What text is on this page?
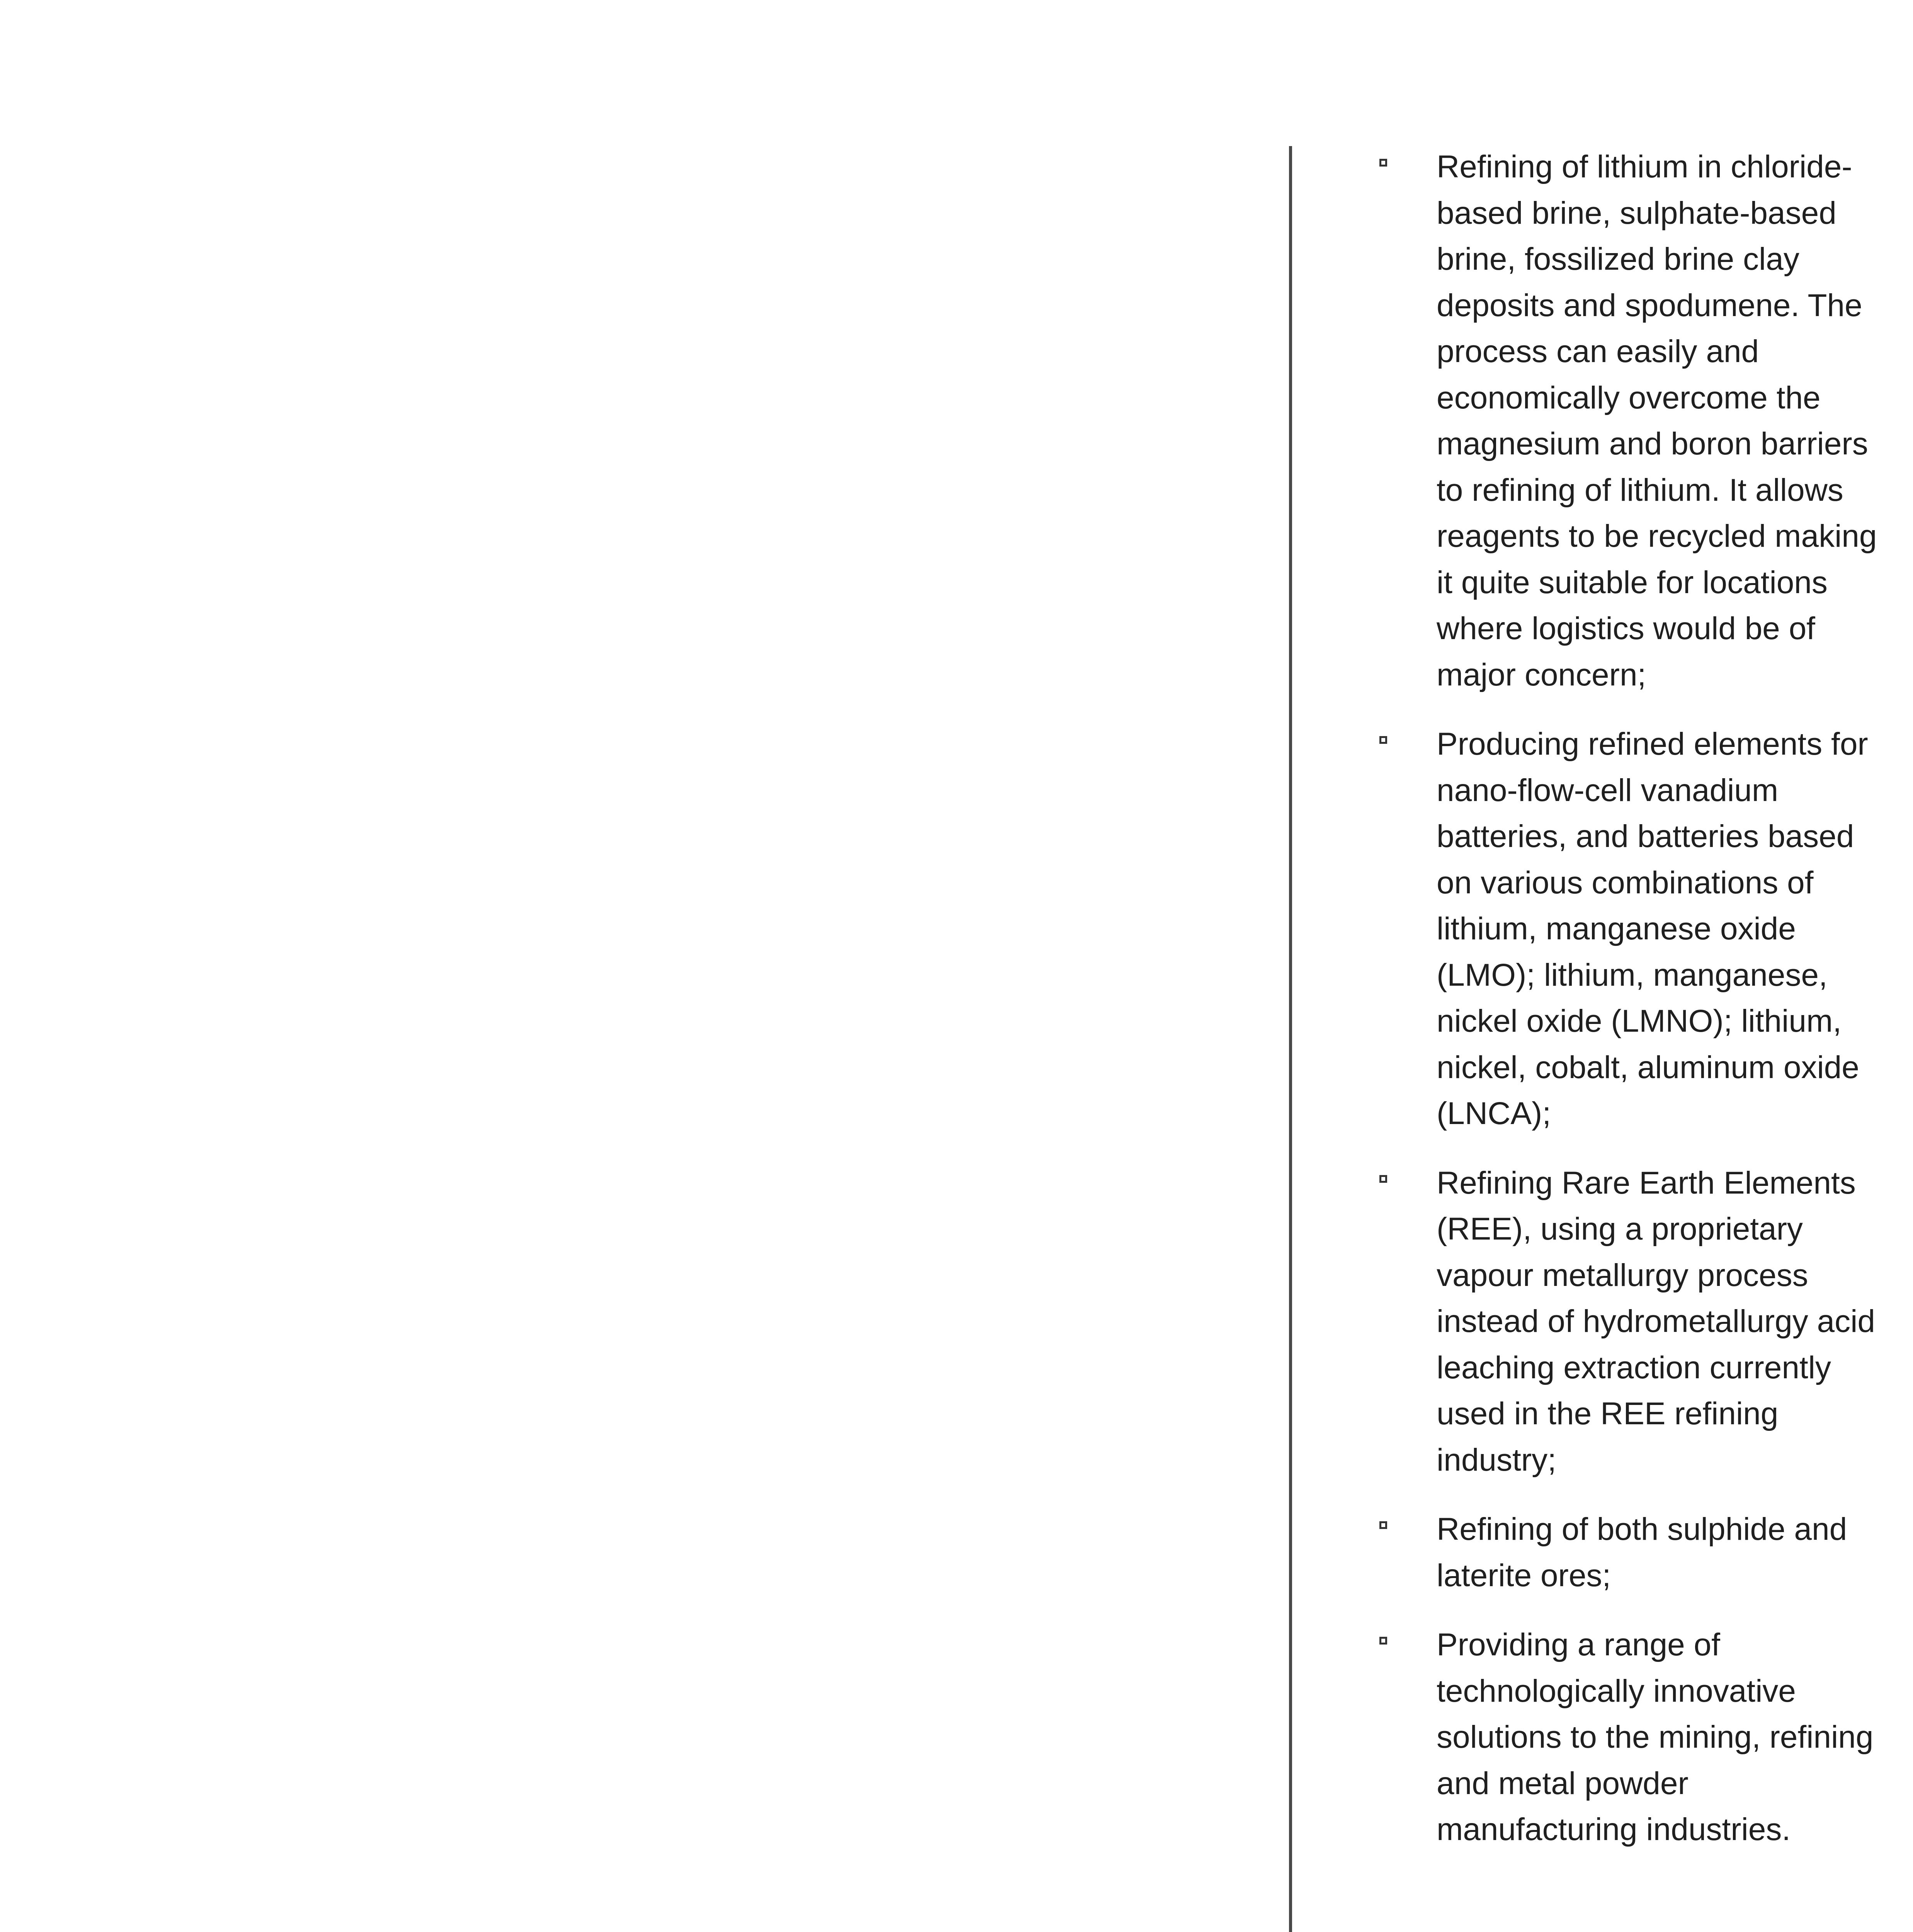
Refining of lithium in chloride-based brine, sulphate-based brine, fossilized brine clay deposits and spodumene. The process can easily and economically overcome the magnesium and boron barriers to refining of lithium. It allows reagents to be recycled making it quite suitable for locations where logistics would be of major concern;
Producing refined elements for nano-flow-cell vanadium batteries, and batteries based on various combinations of lithium, manganese oxide (LMO); lithium, manganese, nickel oxide (LMNO); lithium, nickel, cobalt, aluminum oxide (LNCA);
Refining Rare Earth Elements (REE), using a proprietary vapour metallurgy process instead of hydrometallurgy acid leaching extraction currently used in the REE refining industry;
Refining of both sulphide and laterite ores;
Providing a range of technologically innovative solutions to the mining, refining and metal powder manufacturing industries.
